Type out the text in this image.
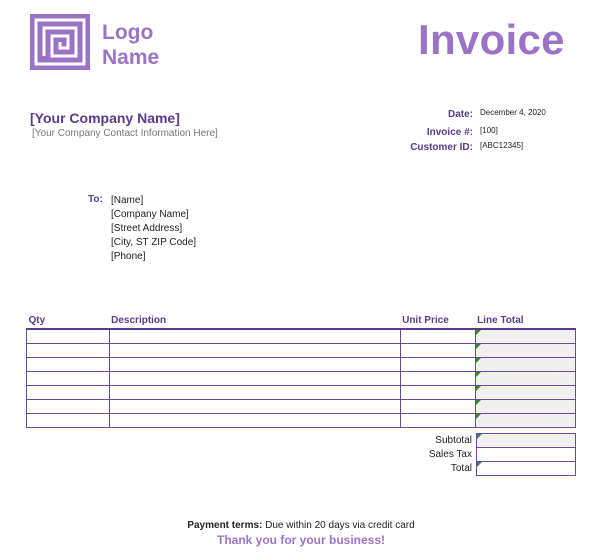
Logo
Name	Invoice
[Your Company Name]
[Your Company Contact Information Here]
Date: December 4, 2020
Invoice #: [100]
Customer ID: [ABC12345]
To: [Name]
[Company Name]
[Street Address]
[City, ST ZIP Code]
[Phone]
Qty	Description	Unit Price	Line Total

Subtotal	

Sales Tax	
Total	
Payment terms: Due within 20 days via credit card
Thank you for your business!
